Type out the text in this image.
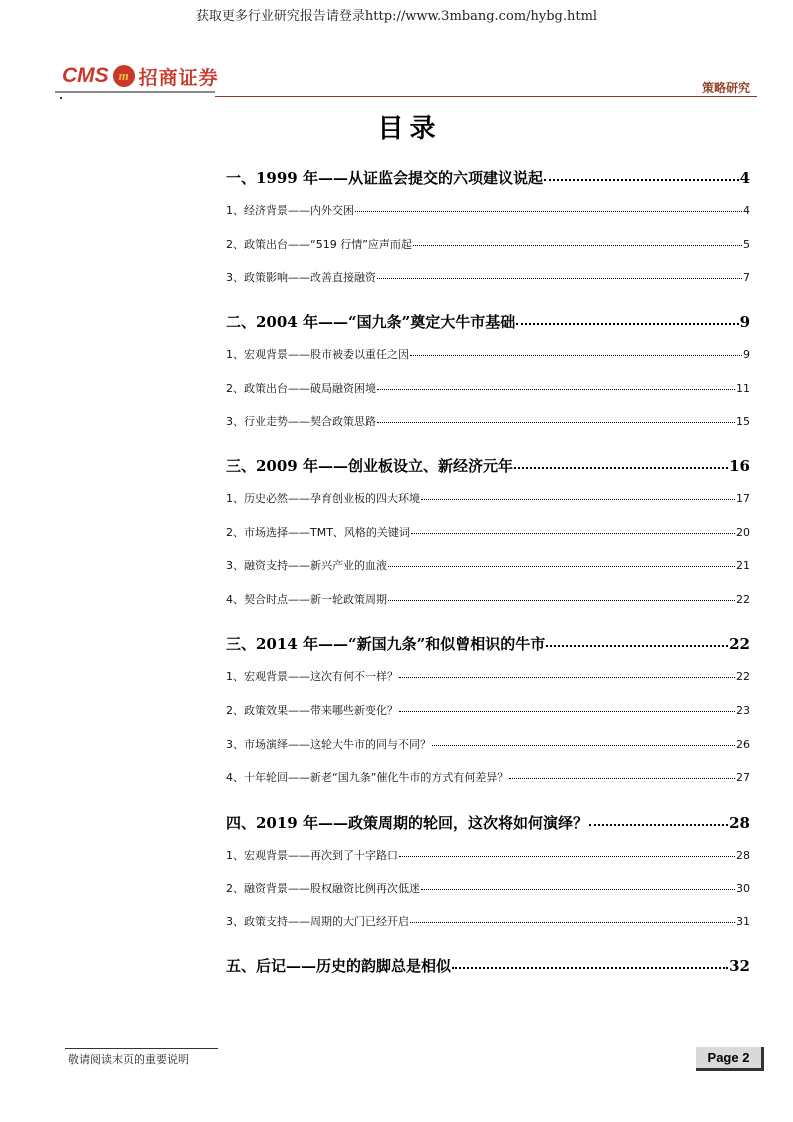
获取更多行业研究报告请登录http://www.3mbang.com/hybg.html
CMS m 招商证券	策略研究
目录
一、1999 年——从证监会提交的六项建议说起	4
1、经济背景——内外交困	4
2、政策出台——“519 行情”应声而起	5
3、政策影响——改善直接融资	7
二、2004 年——“国九条”奠定大牛市基础	9
1、宏观背景——股市被委以重任之因	9
2、政策出台——破局融资困境	11
3、行业走势——契合政策思路	15
三、2009 年——创业板设立、新经济元年	16
1、历史必然——孕育创业板的四大环境	17
2、市场选择——TMT、风格的关键词	20
3、融资支持——新兴产业的血液	21
4、契合时点——新一轮政策周期	22
三、2014 年——“新国九条”和似曾相识的牛市	22
1、宏观背景——这次有何不一样？	22
2、政策效果——带来哪些新变化？	23
3、市场演绎——这轮大牛市的同与不同？	26
4、十年轮回——新老“国九条”催化牛市的方式有何差异？	27
四、2019 年——政策周期的轮回，这次将如何演绎？	28
1、宏观背景——再次到了十字路口	28
2、融资背景——股权融资比例再次低迷	30
3、政策支持——周期的大门已经开启	31
五、后记——历史的韵脚总是相似	32
敬请阅读末页的重要说明	Page 2
